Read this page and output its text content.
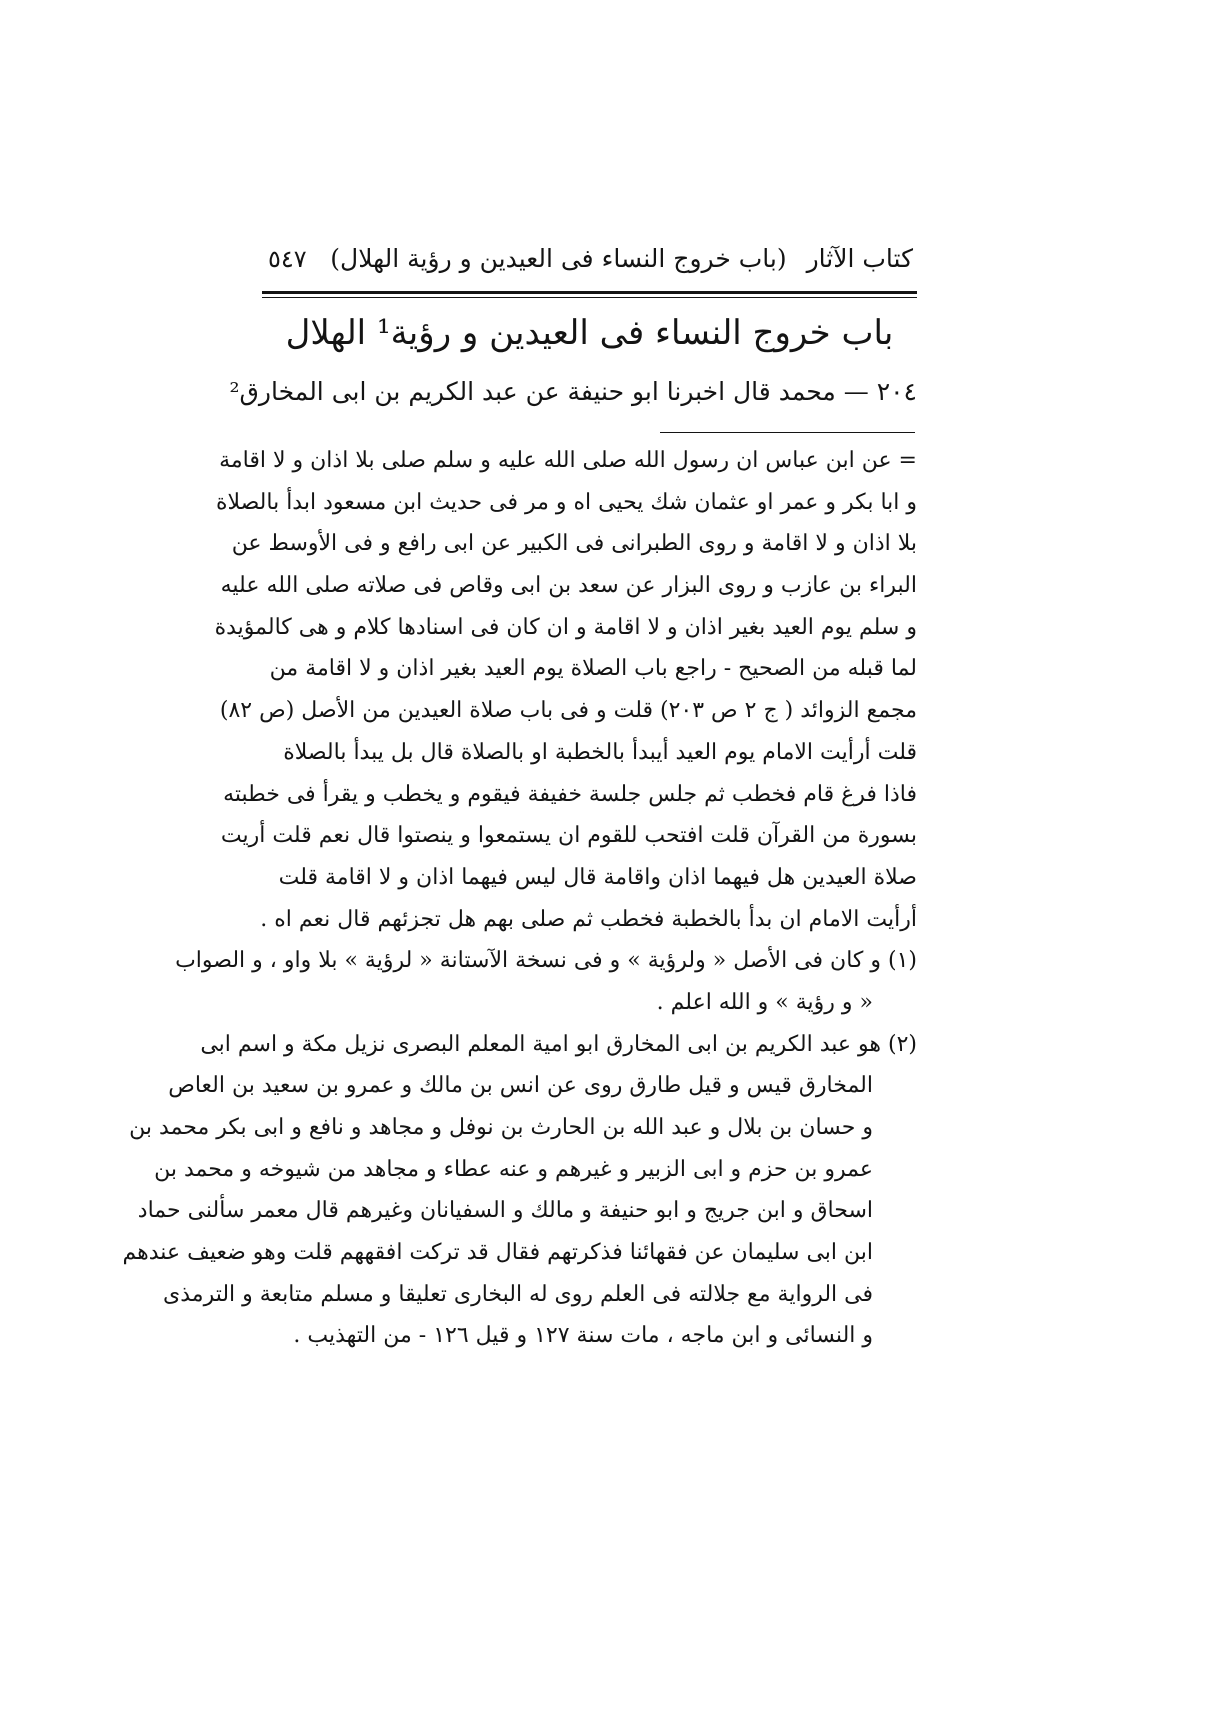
كتاب الآثار
(باب خروج النساء فى العيدين و رؤية الهلال)
٥٤٧
باب خروج النساء فى العيدين و رؤية¹ الهلال
٢٠٤ — محمد قال اخبرنا ابو حنيفة عن عبد الكريم بن ابى المخارق²
= عن ابن عباس ان رسول الله صلى الله عليه و سلم صلى بلا اذان و لا اقامة
و ابا بكر و عمر او عثمان شك يحيى اه و مر فى حديث ابن مسعود ابدأ بالصلاة
بلا اذان و لا اقامة و روى الطبرانى فى الكبير عن ابى رافع و فى الأوسط عن
البراء بن عازب و روى البزار عن سعد بن ابى وقاص فى صلاته صلى الله عليه
و سلم يوم العيد بغير اذان و لا اقامة و ان كان فى اسنادها كلام و هى كالمؤيدة
لما قبله من الصحيح - راجع باب الصلاة يوم العيد بغير اذان و لا اقامة من
مجمع الزوائد ( ج ٢ ص ٢٠٣) قلت و فى باب صلاة العيدين من الأصل (ص ٨٢)
قلت أرأيت الامام يوم العيد أيبدأ بالخطبة او بالصلاة قال بل يبدأ بالصلاة
فاذا فرغ قام فخطب ثم جلس جلسة خفيفة فيقوم و يخطب و يقرأ فى خطبته
بسورة من القرآن قلت افتحب للقوم ان يستمعوا و ينصتوا قال نعم قلت أريت
صلاة العيدين هل فيهما اذان واقامة قال ليس فيهما اذان و لا اقامة قلت
أرأيت الامام ان بدأ بالخطبة فخطب ثم صلى بهم هل تجزئهم قال نعم اه .
(١) و كان فى الأصل « ولرؤية » و فى نسخة الآستانة « لرؤية » بلا واو ، و الصواب
« و رؤية » و الله اعلم .
(٢) هو عبد الكريم بن ابى المخارق ابو امية المعلم البصرى نزيل مكة و اسم ابى
المخارق قيس و قيل طارق روى عن انس بن مالك و عمرو بن سعيد بن العاص
و حسان بن بلال و عبد الله بن الحارث بن نوفل و مجاهد و نافع و ابى بكر محمد بن
عمرو بن حزم و ابى الزبير و غيرهم و عنه عطاء و مجاهد من شيوخه و محمد بن
اسحاق و ابن جريج و ابو حنيفة و مالك و السفيانان وغيرهم قال معمر سألنى حماد
ابن ابى سليمان عن فقهائنا فذكرتهم فقال قد تركت افقههم قلت وهو ضعيف عندهم
فى الرواية مع جلالته فى العلم روى له البخارى تعليقا و مسلم متابعة و الترمذى
و النسائى و ابن ماجه ، مات سنة ١٢٧ و قيل ١٢٦ - من التهذيب .
